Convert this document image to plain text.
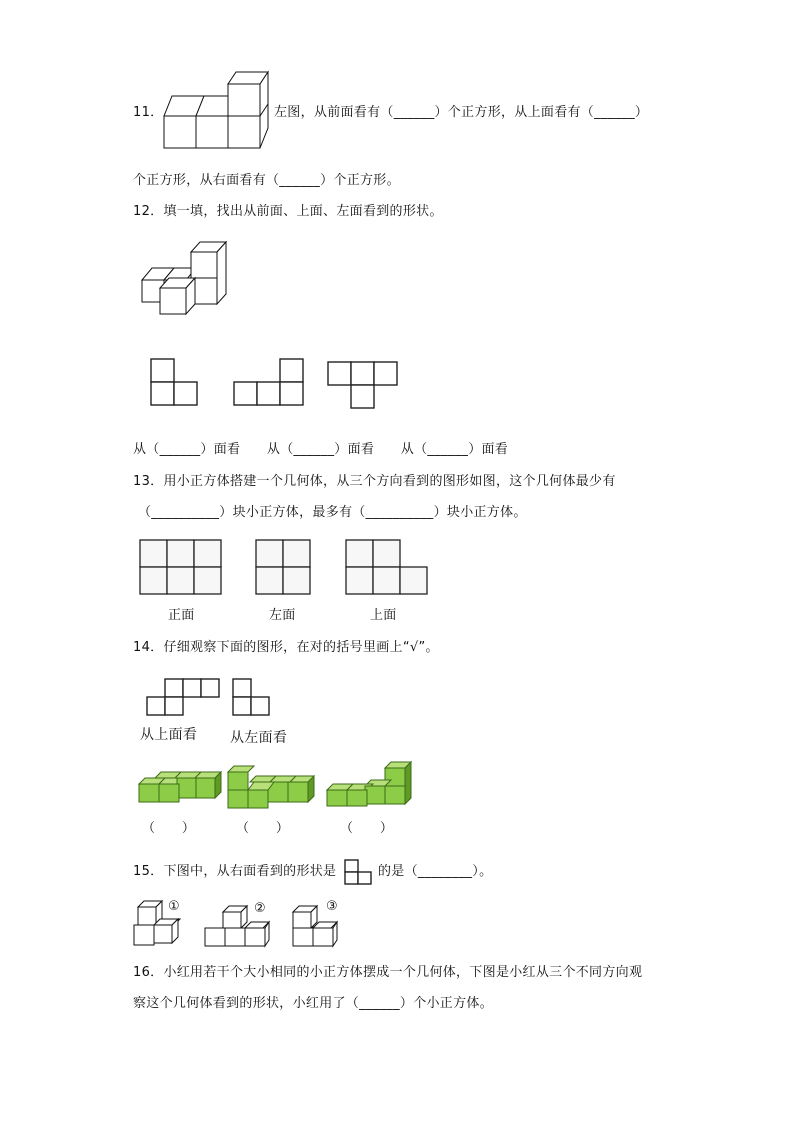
11．	左图，从前面看有（______）个正方形，从上面看有（______）
个正方形，从右面看有（______）个正方形。
12．填一填，找出从前面、上面、左面看到的形状。
从（______）面看　　从（______）面看　　从（______）面看
13．用小正方体搭建一个几何体，从三个方向看到的图形如图，这个几何体最少有
（__________）块小正方体，最多有（__________）块小正方体。
正面	左面	上面
14．仔细观察下面的图形，在对的括号里画上“√”。
从上面看 从左面看
（　　）	（　　）	（　　）
15．下图中，从右面看到的形状是	的是（________）。
①	②	③
16．小红用若干个大小相同的小正方体摆成一个几何体，下图是小红从三个不同方向观
察这个几何体看到的形状，小红用了（______）个小正方体。
